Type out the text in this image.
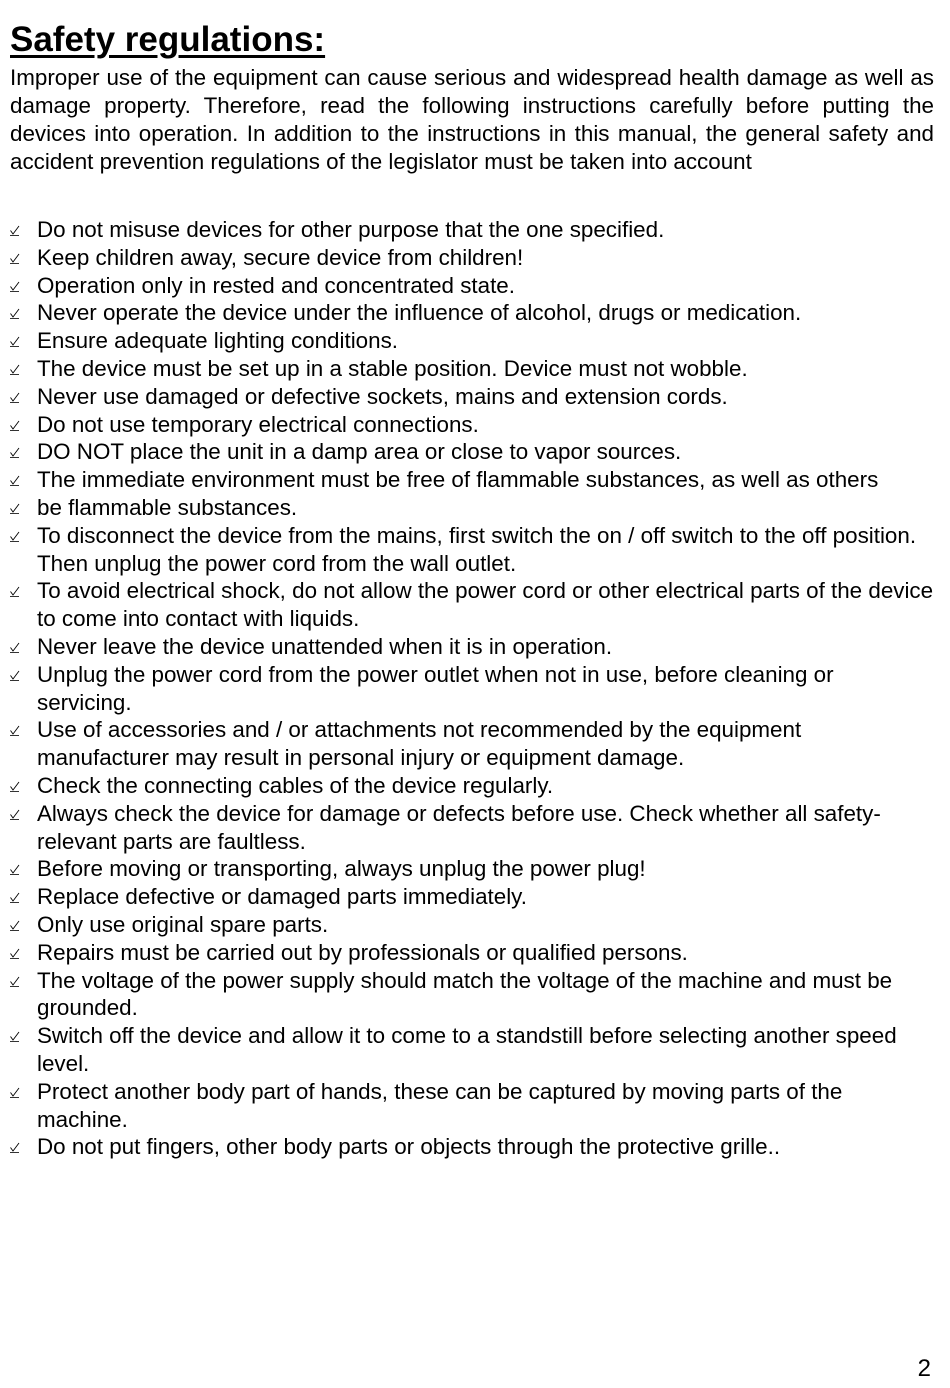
Safety regulations:

Improper use of the equipment can cause serious and widespread health damage as well as damage property. Therefore, read the following instructions carefully before putting the devices into operation. In addition to the instructions in this manual, the general safety and accident prevention regulations of the legislator must be taken into account

Do not misuse devices for other purpose that the one specified.
Keep children away, secure device from children!
Operation only in rested and concentrated state.
Never operate the device under the influence of alcohol, drugs or medication.
Ensure adequate lighting conditions.
The device must be set up in a stable position. Device must not wobble.
Never use damaged or defective sockets, mains and extension cords.
Do not use temporary electrical connections.
DO NOT place the unit in a damp area or close to vapor sources.
The immediate environment must be free of flammable substances, as well as others
be flammable substances.
To disconnect the device from the mains, first switch the on / off switch to the off position. Then unplug the power cord from the wall outlet.
To avoid electrical shock, do not allow the power cord or other electrical parts of the device to come into contact with liquids.
Never leave the device unattended when it is in operation.
Unplug the power cord from the power outlet when not in use, before cleaning or servicing.
Use of accessories and / or attachments not recommended by the equipment manufacturer may result in personal injury or equipment damage.
Check the connecting cables of the device regularly.
Always check the device for damage or defects before use. Check whether all safety-relevant parts are faultless.
Before moving or transporting, always unplug the power plug!
Replace defective or damaged parts immediately.
Only use original spare parts.
Repairs must be carried out by professionals or qualified persons.
The voltage of the power supply should match the voltage of the machine and must be grounded.
Switch off the device and allow it to come to a standstill before selecting another speed level.
Protect another body part of hands, these can be captured by moving parts of the machine.
Do not put fingers, other body parts or objects through the protective grille..
2
